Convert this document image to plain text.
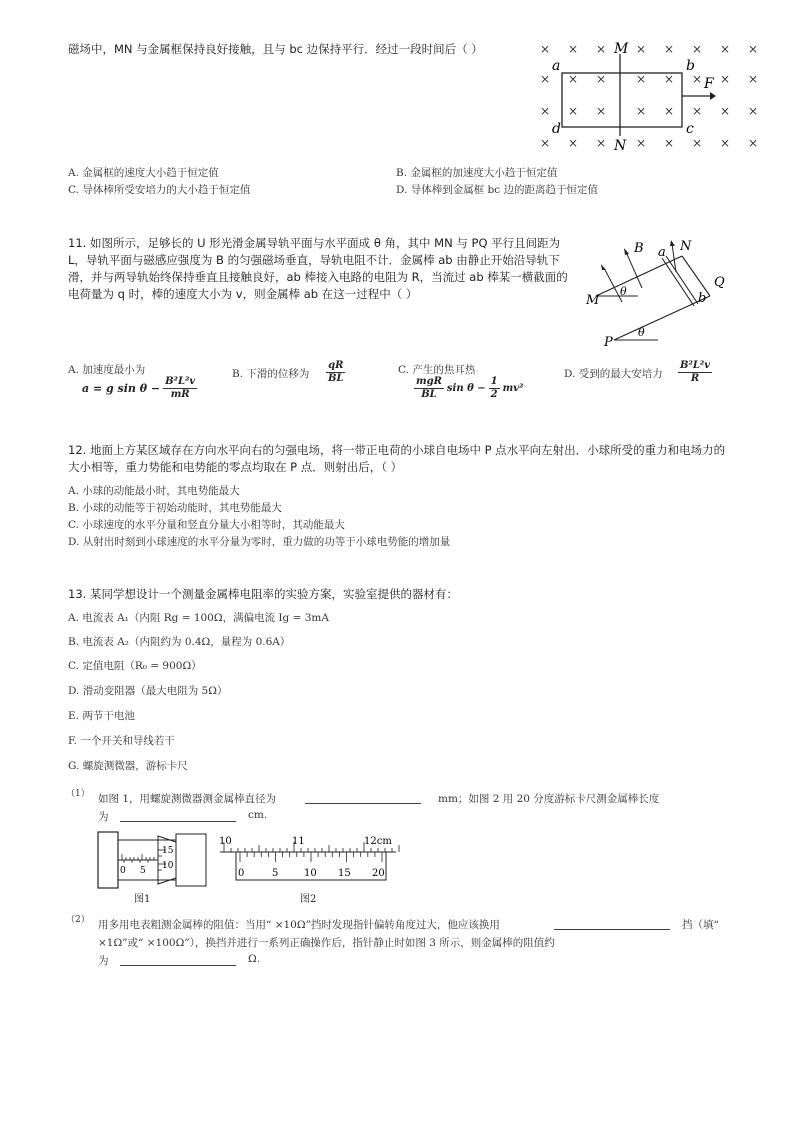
磁场中，MN 与金属框保持良好接触，且与 bc 边保持平行．经过一段时间后（ ）	× × × × × × × ×
× × × × × × × ×
× × × × × × × ×
× × × × × × × ×
M
N
a	b
c
d
F
A. 金属框的速度大小趋于恒定值	B. 金属框的加速度大小趋于恒定值
C. 导体棒所受安培力的大小趋于恒定值	D. 导体棒到金属框 bc 边的距离趋于恒定值
11. 如图所示，足够长的 U 形光滑金属导轨平面与水平面成 θ 角，其中 MN 与 PQ 平行且间距为
L，导轨平面与磁感应强度为 B 的匀强磁场垂直，导轨电阻不计．金属棒 ab 由静止开始沿导轨下
滑，并与两导轨始终保持垂直且接触良好，ab 棒接入电路的电阻为 R，当流过 ab 棒某一横截面的
电荷量为 q 时，棒的速度大小为 v，则金属棒 ab 在这一过程中（ ）
B a N
Q
b
M
θ
P
θ
A. 加速度最小为
a = g $\sin \theta - \frac{\text{B²L²v}}{mR}$
B. 下滑的位移为 $\frac{qR}{BL}$	C. 产生的焦耳热
$\frac{\text{mgR}}{BL}$ $\sin \theta - \frac{1}{2} mv^2$
D. 受到的最大安培力 $\frac{\text{B²L²v}}{R}$
12. 地面上方某区域存在方向水平向右的匀强电场，将一带正电荷的小球自电场中 P 点水平向左射出．小球所受的重力和电场力的
大小相等，重力势能和电势能的零点均取在 P 点．则射出后，（ ）
A. 小球的动能最小时，其电势能最大
B. 小球的动能等于初始动能时，其电势能最大
C. 小球速度的水平分量和竖直分量大小相等时，其动能最大
D. 从射出时刻到小球速度的水平分量为零时，重力做的功等于小球电势能的增加量
13. 某同学想设计一个测量金属棒电阻率的实验方案，实验室提供的器材有：
A. 电流表 A₁（内阻 Rg = 100Ω，满偏电流 Ig = 3mA
B. 电流表 A₂（内阻约为 0.4Ω，量程为 0.6A）
C. 定值电阻（R₀ = 900Ω）
D. 滑动变阻器（最大电阻为 5Ω）
E. 两节干电池
F. 一个开关和导线若干
G. 螺旋测微器，游标卡尺
（1） 如图 1，用螺旋测微器测金属棒直径为	mm；如图 2 用 20 分度游标卡尺测金属棒长度
为	cm.
15
10
0 5
图1
10	11	12cm
0	5	10 15 20
图2
（2） 用多用电表粗测金属棒的阻值：当用“ ×10Ω”挡时发现指针偏转角度过大，他应该换用	挡（填“
×1Ω”或“ ×100Ω”），换挡并进行一系列正确操作后，指针静止时如图 3 所示，则金属棒的阻值约
为	Ω.
